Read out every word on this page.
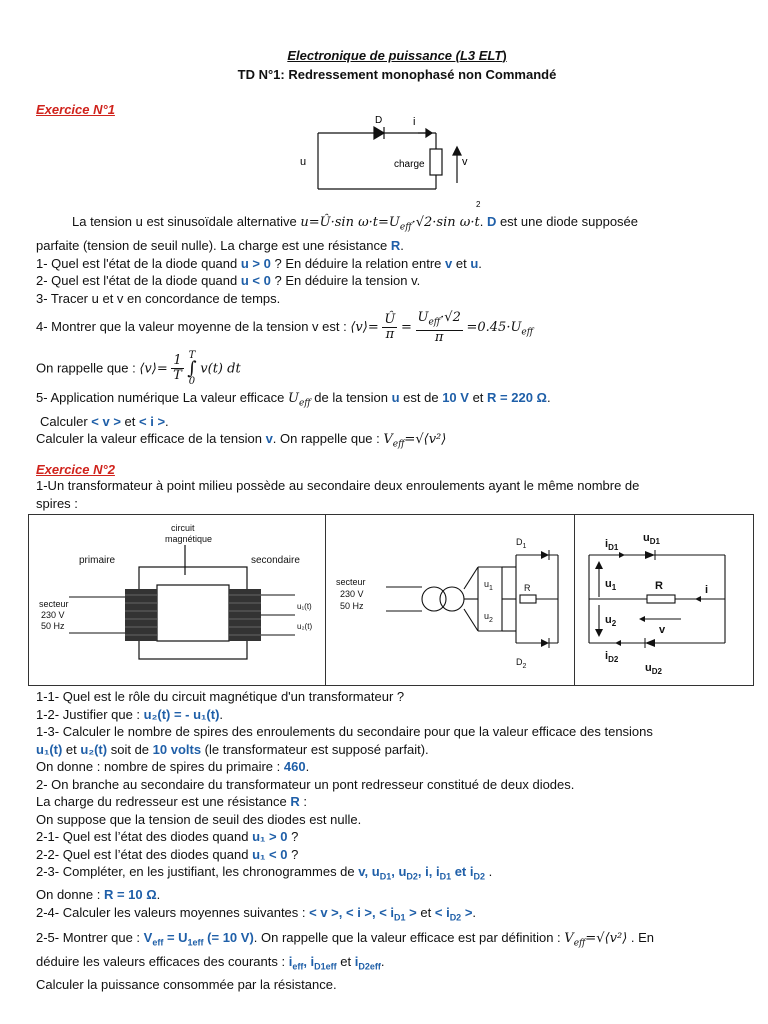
Electronique de puissance (L3 ELT)
TD N°1: Redressement monophasé non Commandé
Exercice N°1
D	i
u	charge	v
2
La tension u est sinusoïdale alternative u=Û·sin $\omega\cdot t=U_{eff}\cdot√2\cdot\sin$ ω·t. D est une diode supposée
parfaite (tension de seuil nulle). La charge est une résistance R.
1- Quel est l'état de la diode quand u > 0 ? En déduire la relation entre v et u.
2- Quel est l'état de la diode quand u < 0 ? En déduire la tension v.
3- Tracer u et v en concordance de temps.
4- Montrer que la valeur moyenne de la tension v est : ⟨v⟩= $\frac{Û}{\pi} = \frac{U_{eff}\cdot√2}{\pi} =0.45\cdot U_{eff}$
On rappelle que : ⟨v⟩= $\frac{1}{T}$
T
∫
0
v(t) dt
5- Application numérique La valeur efficace $U_{eff}$ de la tension u est de 10 V et R = 220 Ω.
Calculer < v > et < i >.
Calculer la valeur efficace de la tension v. On rappelle que : $V_{eff}=√⟨v^2⟩$
Exercice N°2
1-Un transformateur à point milieu possède au secondaire deux enroulements ayant le même nombre de
spires :
circuit
magnétique
primaire	secondaire
secteur
230 V
50 Hz
u₁(t)
u₂(t)
secteur
230 V
50 Hz
$D_1$
$D_2$
$u_1$
$u_2$
R
$i_{D1}$
$u_{D1}$
$u_1$	R	i
$u_2$
v
$i_{D2}$
$u_{D2}$
1-1- Quel est le rôle du circuit magnétique d'un transformateur ?
1-2- Justifier que : u₂(t) = - u₁(t).
1-3- Calculer le nombre de spires des enroulements du secondaire pour que la valeur efficace des tensions
u₁(t) et u₂(t) soit de 10 volts (le transformateur est supposé parfait).
On donne : nombre de spires du primaire : 460.
2- On branche au secondaire du transformateur un pont redresseur constitué de deux diodes.
La charge du redresseur est une résistance R :
On suppose que la tension de seuil des diodes est nulle.
2-1- Quel est l’état des diodes quand u₁ > 0 ?
2-2- Quel est l’état des diodes quand u₁ < 0 ?
2-3- Compléter, en les justifiant, les chronogrammes de v, $u_{D1}$, $u_{D2}$, i, $i_{D1}$ et $i_{D2}$ .
On donne : R = 10 Ω.
2-4- Calculer les valeurs moyennes suivantes : < v >, < i >, < $i_{D1}$ > et < $i_{D2}$ >.
2-5- Montrer que : $V_{eff} = U_{1eff}$ (= 10 V). On rappelle que la valeur efficace est par définition : $V_{eff}=√⟨v^2⟩$ . En
déduire les valeurs efficaces des courants : $i_{eff}$, $i_{D1eff}$ et $i_{D2eff}$.
Calculer la puissance consommée par la résistance.
